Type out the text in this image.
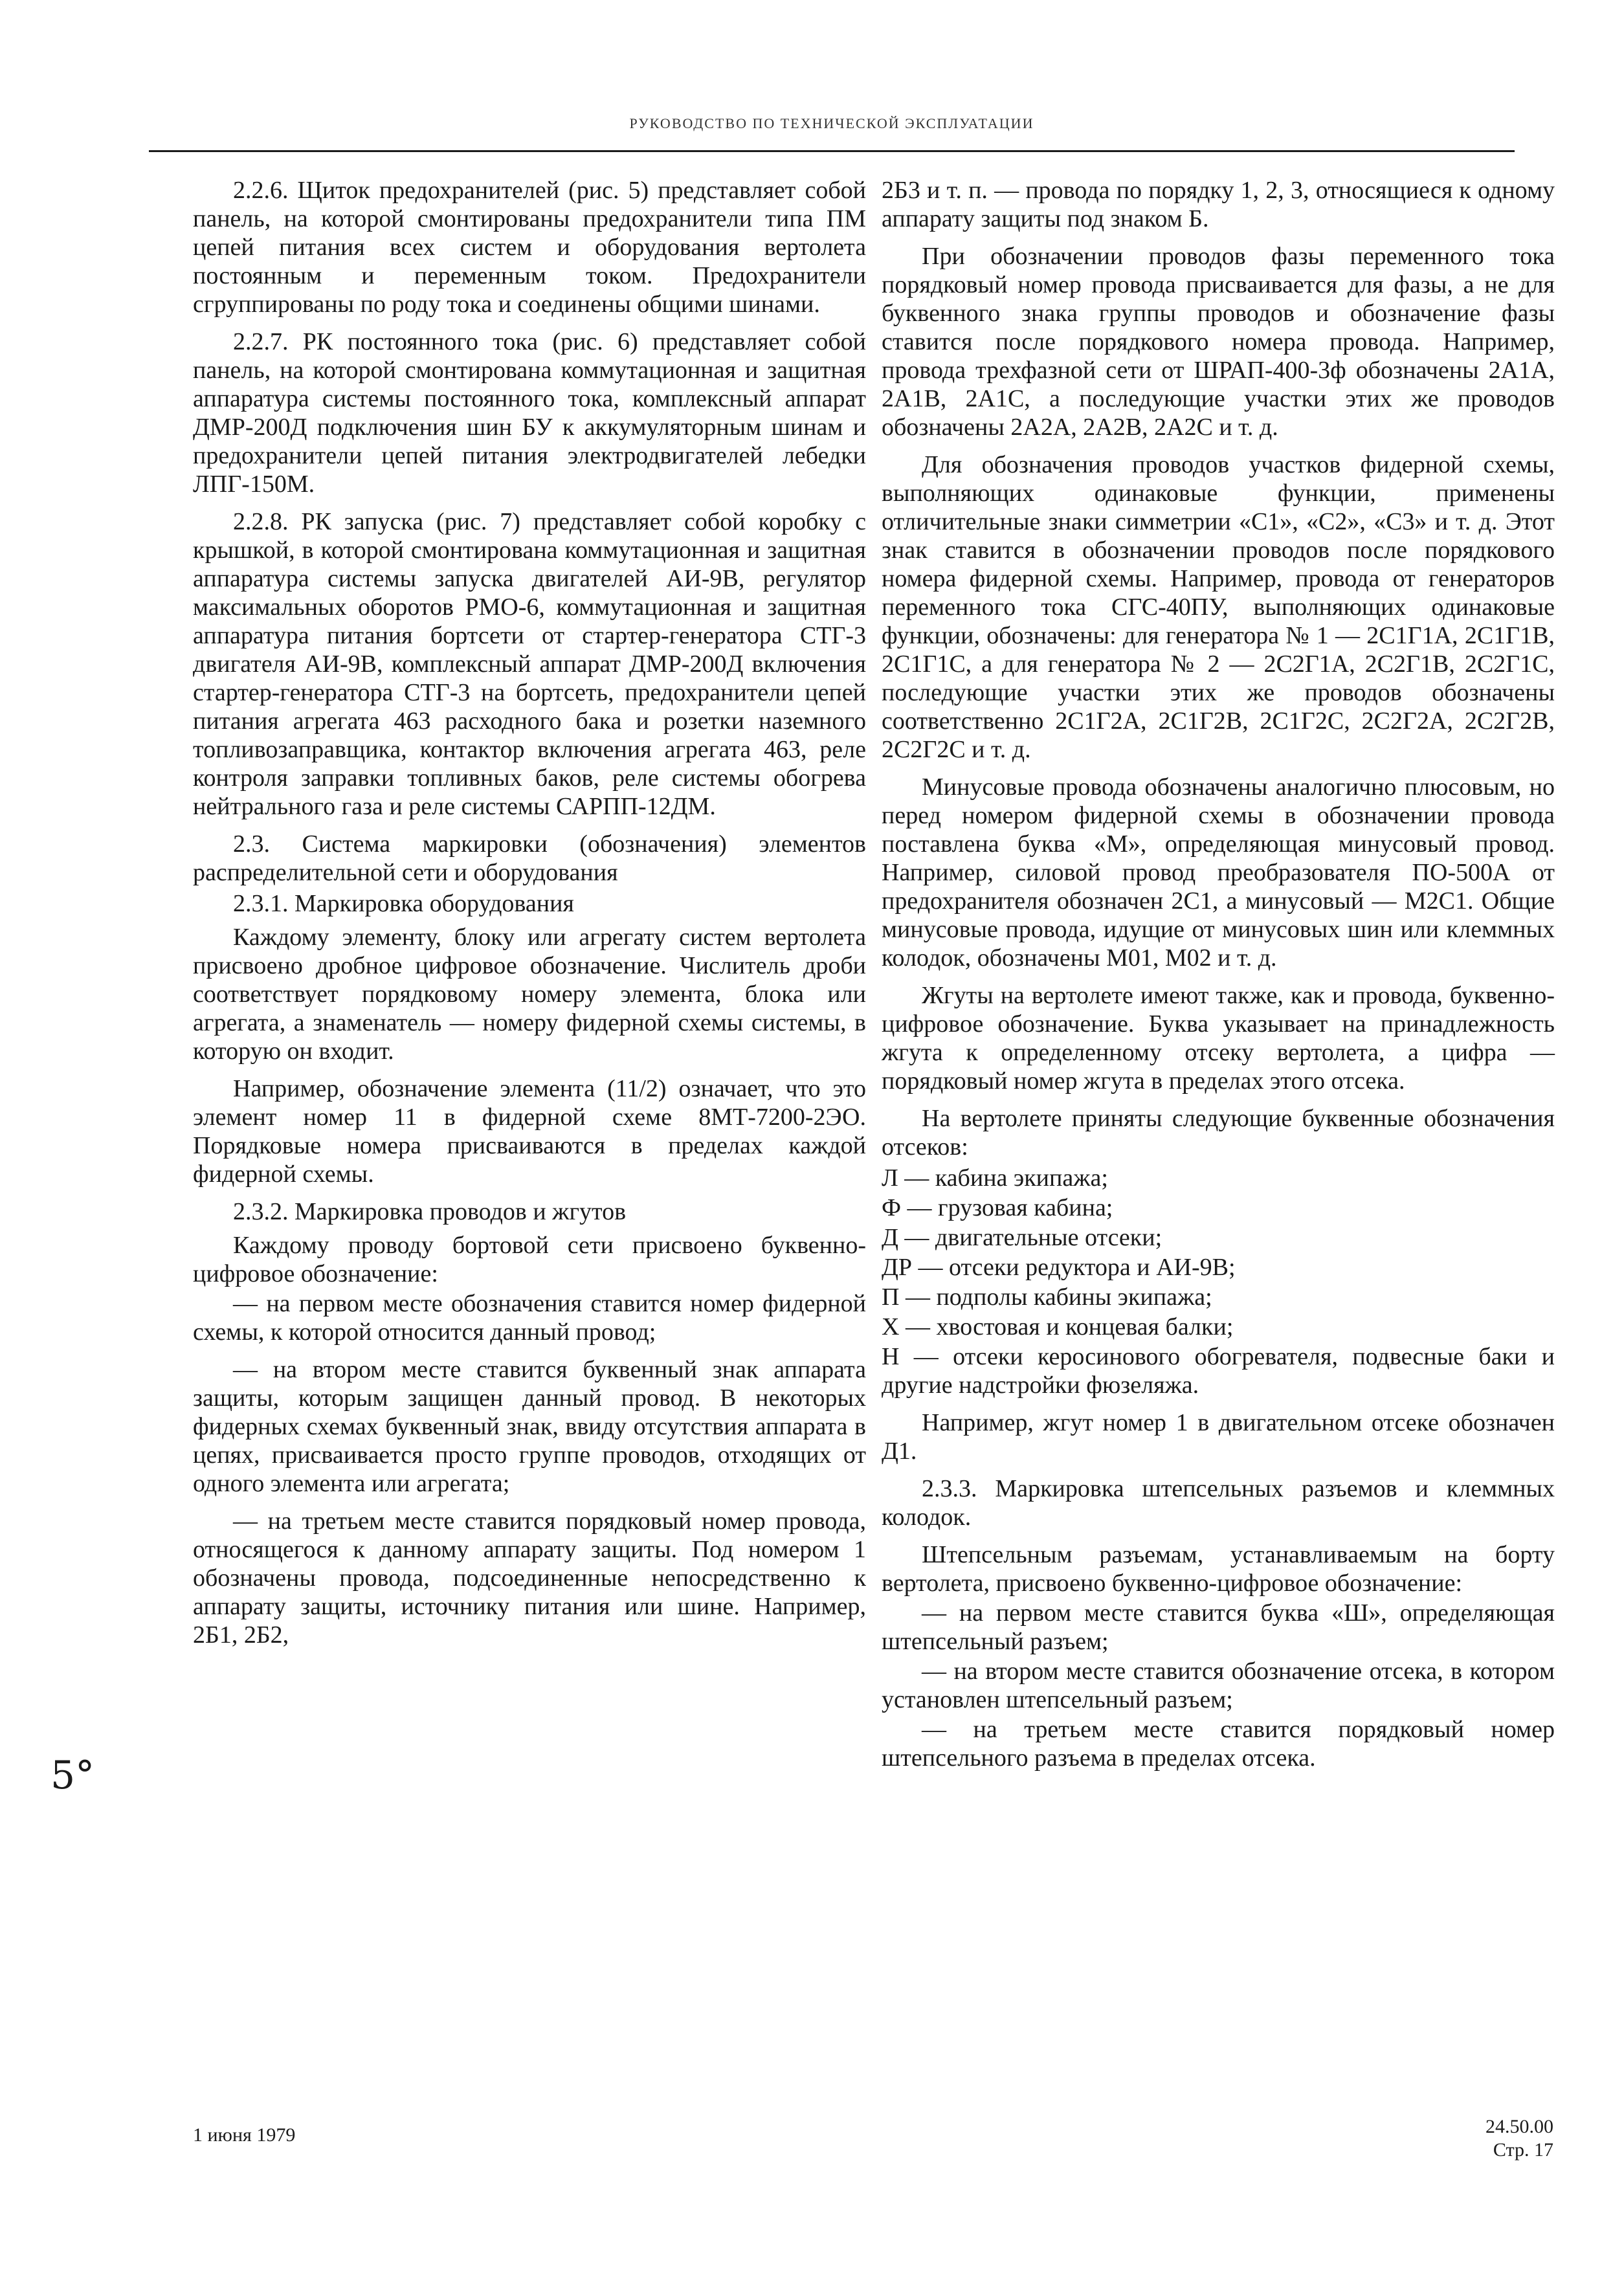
РУКОВОДСТВО ПО ТЕХНИЧЕСКОЙ ЭКСПЛУАТАЦИИ

2.2.6. Щиток предохранителей (рис. 5) представляет собой панель, на которой смонтированы предохранители типа ПМ цепей питания всех систем и оборудования вертолета постоянным и переменным током. Предохранители сгруппированы по роду тока и соединены общими шинами.

2.2.7. РК постоянного тока (рис. 6) представляет собой панель, на которой смонтирована коммутационная и защитная аппаратура системы постоянного тока, комплексный аппарат ДМР-200Д подключения шин БУ к аккумуляторным шинам и предохранители цепей питания электродвигателей лебедки ЛПГ-150М.

2.2.8. РК запуска (рис. 7) представляет собой коробку с крышкой, в которой смонтирована коммутационная и защитная аппаратура системы запуска двигателей АИ-9В, регулятор максимальных оборотов РМО-6, коммутационная и защитная аппаратура питания бортсети от стартер-генератора СТГ-3 двигателя АИ-9В, комплексный аппарат ДМР-200Д включения стартер-генератора СТГ-3 на бортсеть, предохранители цепей питания агрегата 463 расходного бака и розетки наземного топливозаправщика, контактор включения агрегата 463, реле контроля заправки топливных баков, реле системы обогрева нейтрального газа и реле системы САРПП-12ДМ.

2.3. Система маркировки (обозначения) элементов распределительной сети и оборудования

2.3.1. Маркировка оборудования

Каждому элементу, блоку или агрегату систем вертолета присвоено дробное цифровое обозначение. Числитель дроби соответствует порядковому номеру элемента, блока или агрегата, а знаменатель — номеру фидерной схемы системы, в которую он входит.

Например, обозначение элемента (11/2) означает, что это элемент номер 11 в фидерной схеме 8МТ-7200-2ЭО. Порядковые номера присваиваются в пределах каждой фидерной схемы.

2.3.2. Маркировка проводов и жгутов

Каждому проводу бортовой сети присвоено буквенно-цифровое обозначение:

— на первом месте обозначения ставится номер фидерной схемы, к которой относится данный провод;

— на втором месте ставится буквенный знак аппарата защиты, которым защищен данный провод. В некоторых фидерных схемах буквенный знак, ввиду отсутствия аппарата в цепях, присваивается просто группе проводов, отходящих от одного элемента или агрегата;

— на третьем месте ставится порядковый номер провода, относящегося к данному аппарату защиты. Под номером 1 обозначены провода, подсоединенные непосредственно к аппарату защиты, источнику питания или шине. Например, 2Б1, 2Б2,

2Б3 и т. п. — провода по порядку 1, 2, 3, относящиеся к одному аппарату защиты под знаком Б.

При обозначении проводов фазы переменного тока порядковый номер провода присваивается для фазы, а не для буквенного знака группы проводов и обозначение фазы ставится после порядкового номера провода. Например, провода трехфазной сети от ШРАП-400-3ф обозначены 2А1А, 2А1В, 2А1С, а последующие участки этих же проводов обозначены 2А2А, 2А2В, 2А2С и т. д.

Для обозначения проводов участков фидерной схемы, выполняющих одинаковые функции, применены отличительные знаки симметрии «С1», «С2», «С3» и т. д. Этот знак ставится в обозначении проводов после порядкового номера фидерной схемы. Например, провода от генераторов переменного тока СГС-40ПУ, выполняющих одинаковые функции, обозначены: для генератора № 1 — 2С1Г1А, 2С1Г1В, 2С1Г1С, а для генератора № 2 — 2С2Г1А, 2С2Г1В, 2С2Г1С, последующие участки этих же проводов обозначены соответственно 2С1Г2А, 2С1Г2В, 2С1Г2С, 2С2Г2А, 2С2Г2В, 2С2Г2С и т. д.

Минусовые провода обозначены аналогично плюсовым, но перед номером фидерной схемы в обозначении провода поставлена буква «М», определяющая минусовый провод. Например, силовой провод преобразователя ПО-500А от предохранителя обозначен 2С1, а минусовый — М2С1. Общие минусовые провода, идущие от минусовых шин или клеммных колодок, обозначены М01, М02 и т. д.

Жгуты на вертолете имеют также, как и провода, буквенно-цифровое обозначение. Буква указывает на принадлежность жгута к определенному отсеку вертолета, а цифра — порядковый номер жгута в пределах этого отсека.

На вертолете приняты следующие буквенные обозначения отсеков:

Л — кабина экипажа;

Ф — грузовая кабина;

Д — двигательные отсеки;

ДР — отсеки редуктора и АИ-9В;

П — подполы кабины экипажа;

Х — хвостовая и концевая балки;

Н — отсеки керосинового обогревателя, подвесные баки и другие надстройки фюзеляжа.

Например, жгут номер 1 в двигательном отсеке обозначен Д1.

2.3.3. Маркировка штепсельных разъемов и клеммных колодок.

Штепсельным разъемам, устанавливаемым на борту вертолета, присвоено буквенно-цифровое обозначение:

— на первом месте ставится буква «Ш», определяющая штепсельный разъем;

— на втором месте ставится обозначение отсека, в котором установлен штепсельный разъем;

— на третьем месте ставится порядковый номер штепсельного разъема в пределах отсека.

5°
1 июня 1979	24.50.00
Стр. 17
